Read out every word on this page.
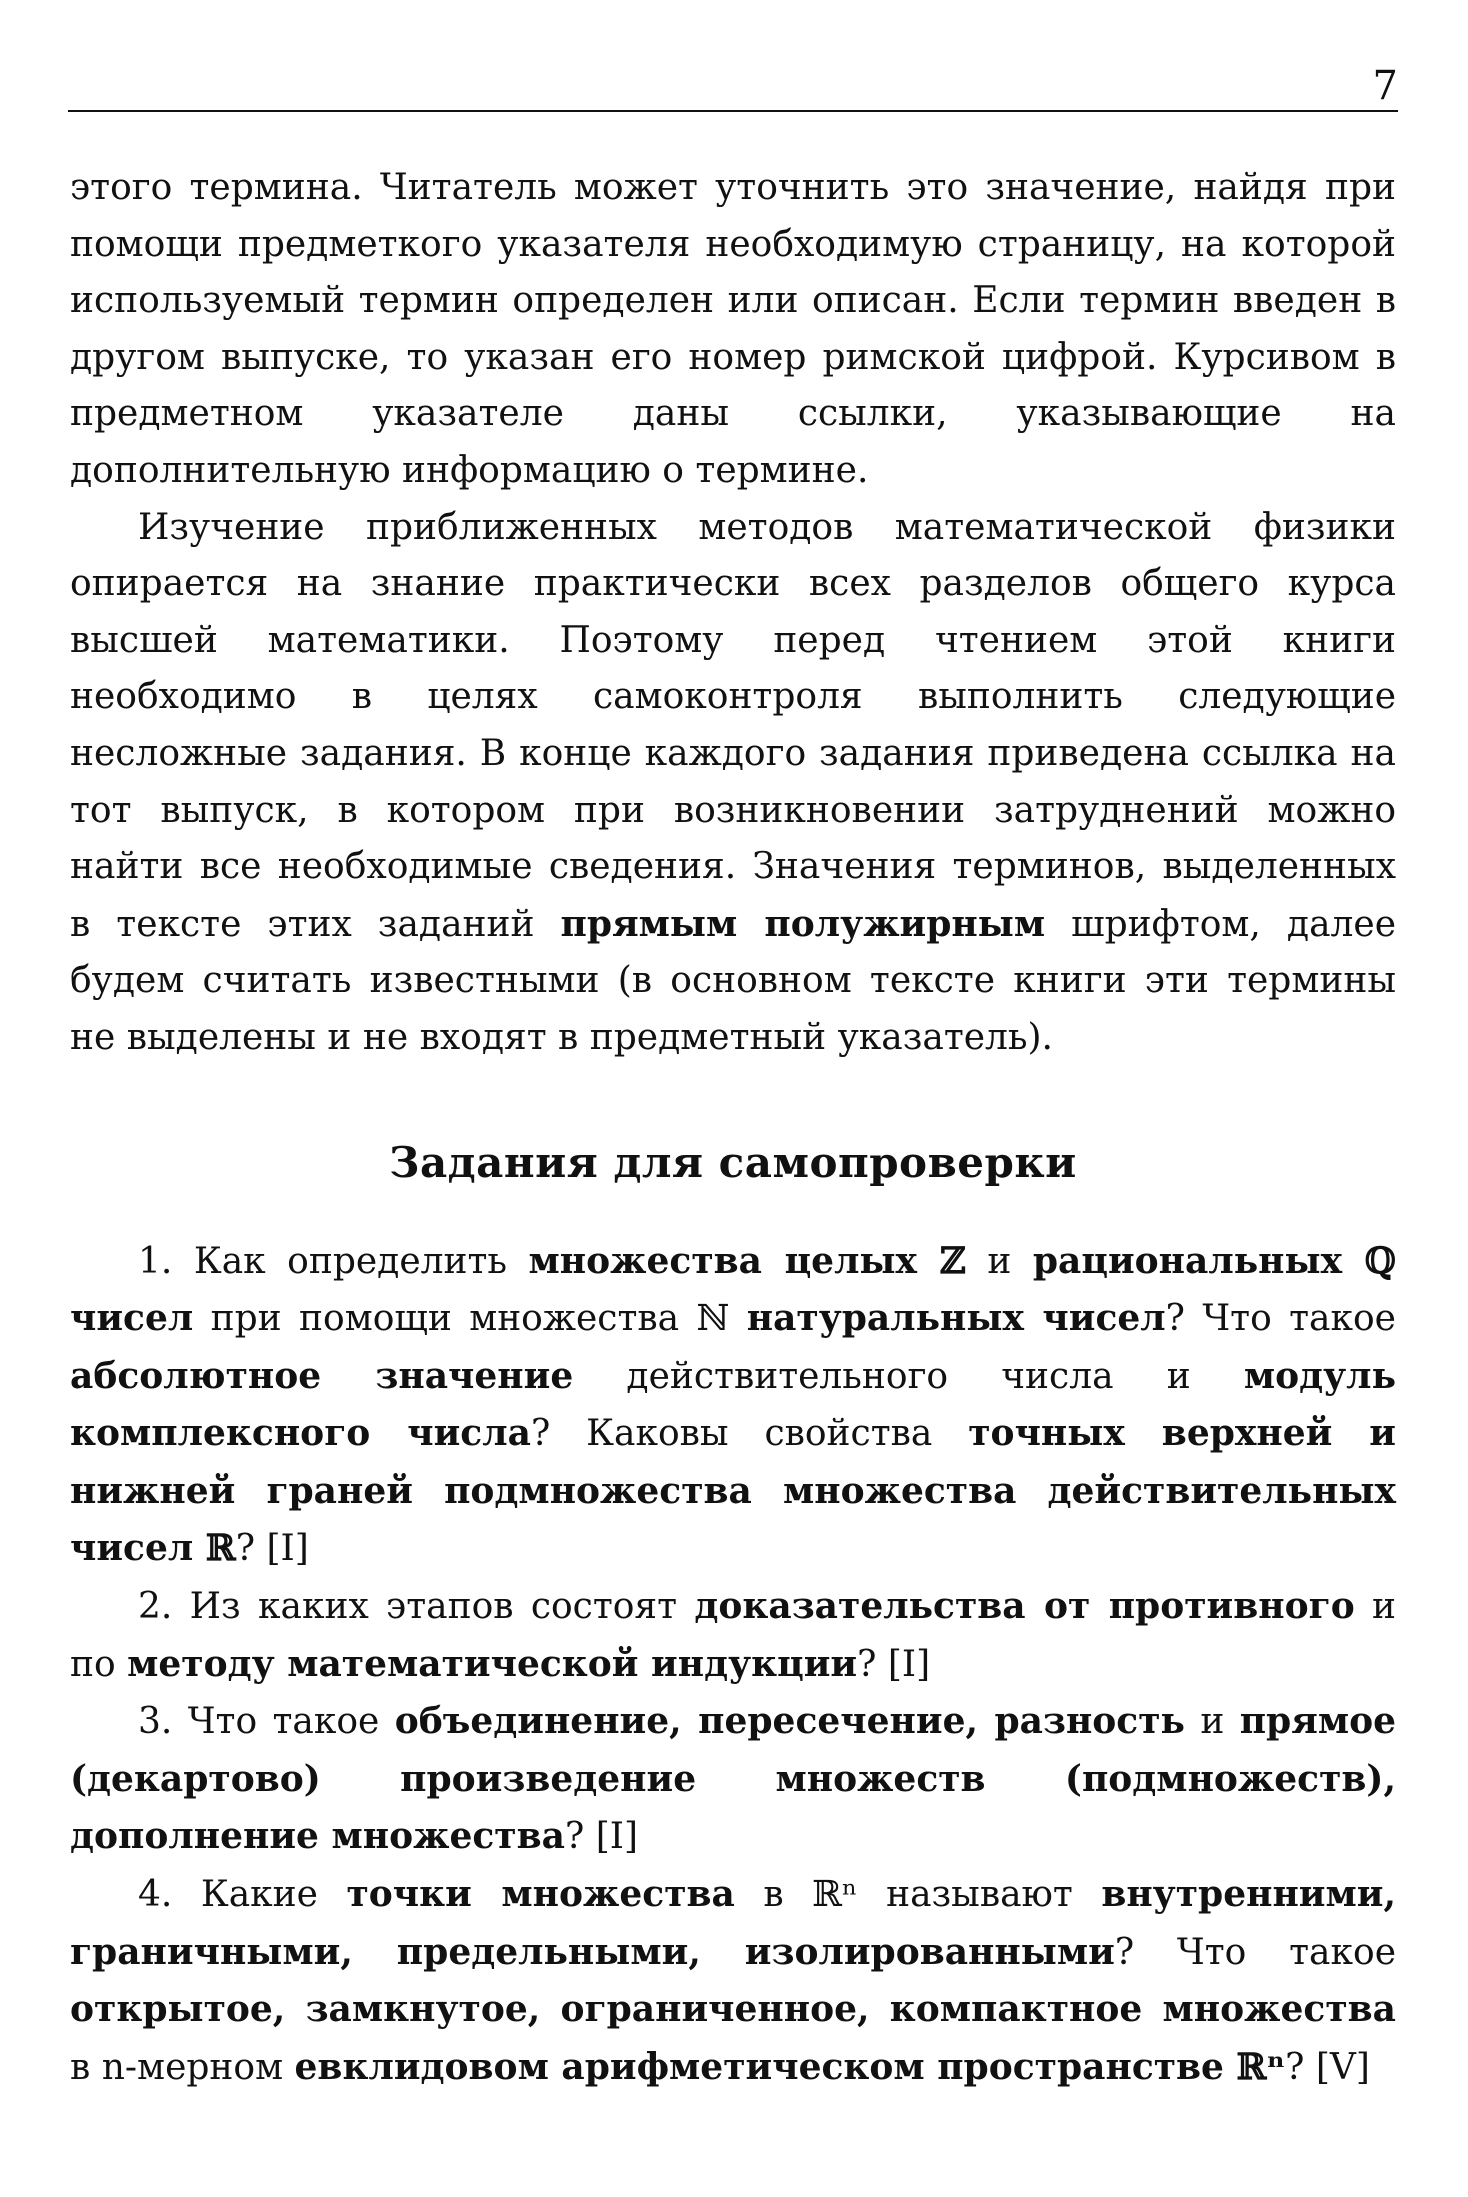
7

этого термина. Читатель может уточнить это значение, найдя при помощи предметкого указателя необходимую страницу, на которой используемый термин определен или описан. Если термин введен в другом выпуске, то указан его номер римской цифрой. Курсивом в предметном указателе даны ссылки, указывающие на дополнительную информацию о термине.

Изучение приближенных методов математической физики опирается на знание практически всех разделов общего курса высшей математики. Поэтому перед чтением этой книги необходимо в целях самоконтроля выполнить следующие несложные задания. В конце каждого задания приведена ссылка на тот выпуск, в котором при возникновении затруднений можно найти все необходимые сведения. Значения терминов, выделенных в тексте этих заданий прямым полужирным шрифтом, далее будем считать известными (в основном тексте книги эти термины не выделены и не входят в предметный указатель).

Задания для самопроверки

1. Как определить множества целых ℤ и рациональных ℚ чисел при помощи множества ℕ натуральных чисел? Что такое абсолютное значение действительного числа и модуль комплексного числа? Каковы свойства точных верхней и нижней граней подмножества множества действительных чисел ℝ? [I]

2. Из каких этапов состоят доказательства от противного и по методу математической индукции? [I]

3. Что такое объединение, пересечение, разность и прямое (декартово) произведение множеств (подмножеств), дополнение множества? [I]

4. Какие точки множества в ℝⁿ называют внутренними, граничными, предельными, изолированными? Что такое открытое, замкнутое, ограниченное, компактное множества в n-мерном евклидовом арифметическом пространстве ℝⁿ? [V]
